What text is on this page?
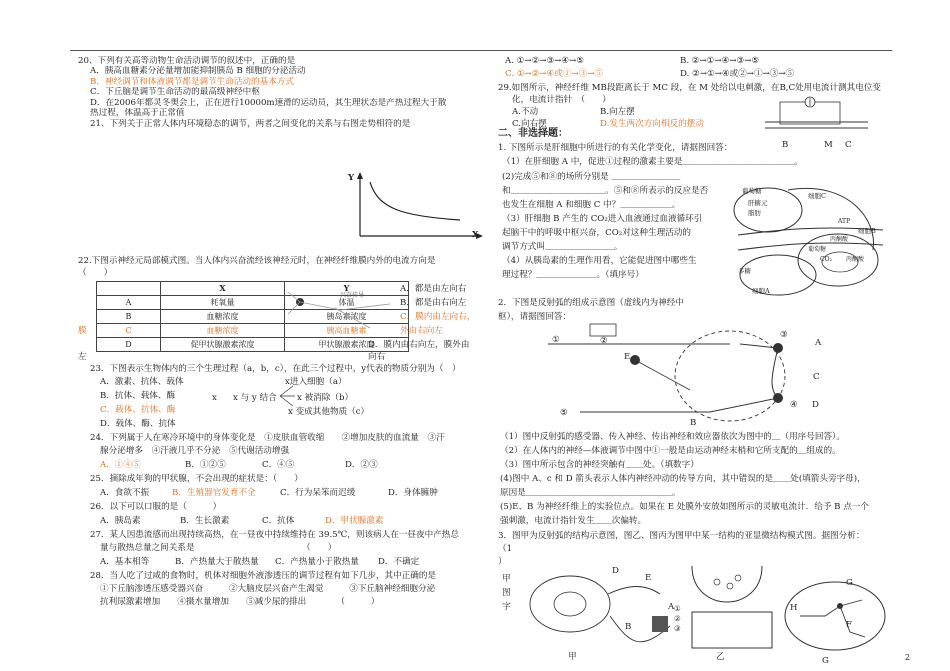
20、下列有关高等动物生命活动调节的叙述中，正确的是
A．胰高血糖素分泌量增加能抑制胰岛 B 细胞的分泌活动
B．神经调节和体液调节都是调节生命活动的基本方式
C．下丘脑是调节生命活动的最高级神经中枢
D．在2006年都灵冬奥会上，正在进行10000m速滑的运动员，其生理状态是产热过程大于散
热过程，体温高于正常值
21、下列关于正常人体内环境稳态的调节，两者之间变化的关系与右图走势相符的是
Y
X
22.下图示神经元局部模式图。当人体内兴奋流经该神经元时，在神经纤维膜内外的电流方向是
（　　）
	X	Y
A	耗氧量	体温
B	血糖浓度	胰岛素浓度
C	血糖浓度	胰高血糖素
D	促甲状腺激素浓度	甲状腺激素浓度
兴奋传导
A．都是由左向右
B．都是由右向左
C．膜内由左向右，
外由右向左
D．膜内由右向左，膜外由
向右
膜
左
23．下图表示生物体内的三个生理过程（a，b，c），在此三个过程中，y代表的物质分别为（　）
A．激素、抗体、载体
B．抗体、载体、酶
C．载体、抗体、酶
D．载体、酶、抗体
x进入细胞（a）
x x 与 y 结合 x 被消除（b）
x 变成其他物质（c）
24．下列属于人在寒冷环境中的身体变化是　①皮肤血管收缩　　②增加皮肤的血流量　③汗
腺分泌增多　④汗液几乎不分泌　⑤代谢活动增强
A．①④⑤	B．①②⑤	C．④⑤	D．②③
25．摘除成年狗的甲状腺，不会出现的症状是：（　　）
A．食欲不振	B．生殖器官发育不全	C．行为呆笨而迟缓	D．身体臃肿
26．以下可以口服的是（　　　）
A．胰岛素	B．生长激素	C．抗体	D．甲状腺激素
27．某人因患流感而出现持续高热，在一昼夜中持续维持在 39.5℃，则该病人在一昼夜中产热总
量与散热总量之间关系是　　　　　　　　　　　　　（　　）
A．基本相等	B．产热量大于散热量 C．产热量小于散热量 D．不确定
28．当人吃了过咸的食物时，机体对细胞外液渗透压的调节过程有如下几步，其中正确的是
①下丘脑渗透压感受器兴奋　　　②大脑皮层兴奋产生渴觉　　　③下丘脑神经细胞分泌
抗利尿激素增加　　④摄水量增加　　⑤减少尿的排出　　　　（　　　）
A. ①→②→③→④→⑤	B. ②→①→④→③→⑤
C. ①→②→④或①→③→⑤	D. ②→①→④或②→①→③→⑤
29.如图所示，神经纤维 MB段距离长于 MC 段，在 M 处给以电刺激，在B,C处用电流计测其电位变
化，电流计指针　（　　）
A.不动	B.向左摆
C.向右摆	D.发生两次方向相反的摆动
B	M C
二、非选择题：
1. 下图所示是肝细胞中所进行的有关化学变化，请据图回答：
（1）在肝细胞 A 中，促进①过程的激素主要是＿＿＿＿＿＿＿＿＿＿＿＿＿。
(2)完成⑤和⑧的场所分别是 ＿＿＿＿＿＿＿＿
和＿＿＿＿＿＿＿＿＿＿＿。⑤和⑧所表示的反应是否
也发生在细胞 A 和细胞 C 中？＿＿＿＿＿＿。
（3）肝细胞 B 产生的 CO₂进入血液通过血液循环引
起脑干中的呼吸中枢兴奋，CO₂对这种生理活动的
调节方式叫＿＿＿＿＿＿＿＿。
（4）从胰岛素的生理作用看，它能促进图中哪些生
理过程？＿＿＿＿＿＿＿。（填序号）
葡萄糖
肝糖元
脂肪
细胞C
细胞B
丙酮酸
葡萄糖
多糖
细胞A
ATP
CO₂ 丙酮酸
2．下图是反射弧的组成示意图（虚线内为神经中
枢），请据图回答：
①	②
E
③
④
⑤
A
B
C
D
（1）图中反射弧的感受器、传入神经、传出神经和效应器依次为图中的＿（用序号回答）。
（2）在人体内的神经—体液调节中图中①一般是由运动神经末梢和它所支配的＿组成的。
（3）图中所示包含的神经突触有＿＿处。（填数字）
(4)图中 A、c 和 D 箭头表示人体内神经冲动的传导方向，其中错误的是＿＿处(填箭头旁字母)，
原因是＿＿＿＿＿＿＿＿＿＿＿＿＿＿＿＿＿。
(5)E、B 为神经纤维上的实验位点。如果在 E 处膜外安放如图所示的灵敏电流计．给予 B 点一个
强刺激，电流计指针发生＿＿次偏转。
3．图甲为反射弧的结构示意图，图乙、图丙为图甲中某一结构的亚显微结构模式图。据图分析：
（1
）
甲
图
字
D
E
A
B
甲
①
②
③
乙
G
H
F
G	2
